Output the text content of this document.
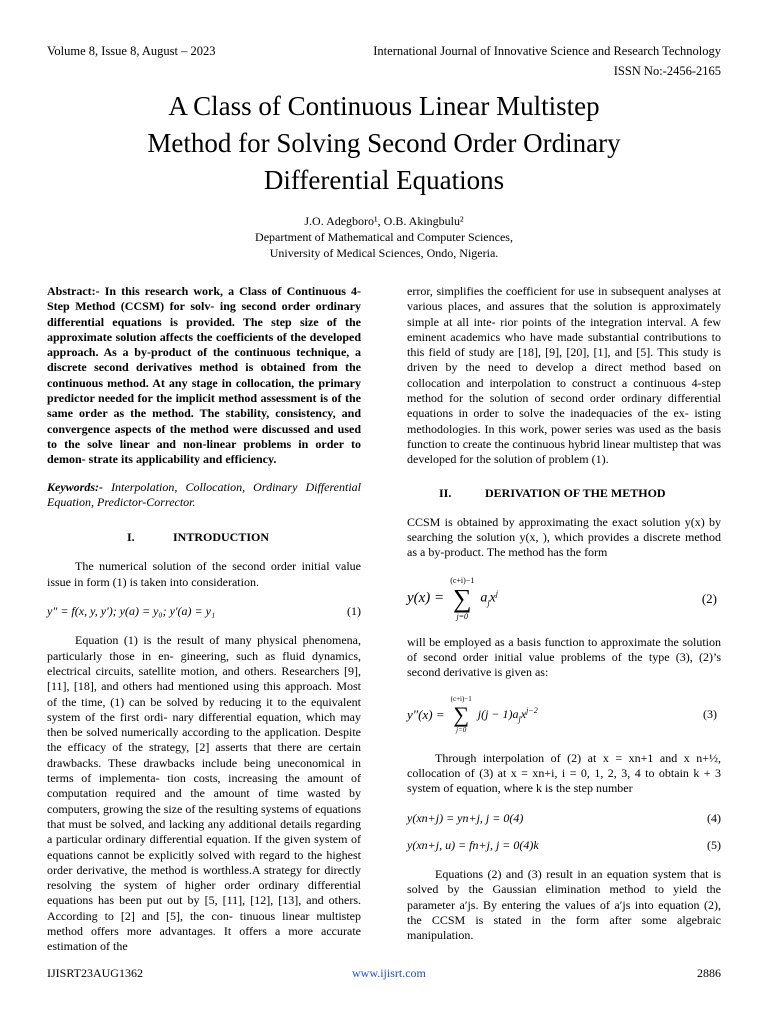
Volume 8, Issue 8, August – 2023	International Journal of Innovative Science and Research Technology
ISSN No:-2456-2165
A Class of Continuous Linear Multistep
Method for Solving Second Order Ordinary
Differential Equations
J.O. Adegboro¹, O.B. Akingbulu²
Department of Mathematical and Computer Sciences,
University of Medical Sciences, Ondo, Nigeria.
Abstract:- In this research work, a Class of Continuous 4-Step Method (CCSM) for solv- ing second order ordinary differential equations is provided. The step size of the approximate solution affects the coefficients of the developed approach. As a by-product of the continuous technique, a discrete second derivatives method is obtained from the continuous method. At any stage in collocation, the primary predictor needed for the implicit method assessment is of the same order as the method. The stability, consistency, and convergence aspects of the method were discussed and used to the solve linear and non-linear problems in order to demon- strate its applicability and efficiency.
Keywords:- Interpolation, Collocation, Ordinary Differential Equation, Predictor-Corrector.
I.	INTRODUCTION
The numerical solution of the second order initial value issue in form (1) is taken into consideration.
y″ = f(x, y, y′); y(a) = y₀; y′(a) = y₁	(1)
Equation (1) is the result of many physical phenomena, particularly those in en- gineering, such as fluid dynamics, electrical circuits, satellite motion, and others. Researchers [9], [11], [18], and others had mentioned using this approach. Most of the time, (1) can be solved by reducing it to the equivalent system of the first ordi- nary differential equation, which may then be solved numerically according to the application. Despite the efficacy of the strategy, [2] asserts that there are certain drawbacks. These drawbacks include being uneconomical in terms of implementa- tion costs, increasing the amount of computation required and the amount of time wasted by computers, growing the size of the resulting systems of equations that must be solved, and lacking any additional details regarding a particular ordinary differential equation. If the given system of equations cannot be explicitly solved with regard to the highest order derivative, the method is worthless.A strategy for directly resolving the system of higher order ordinary differential equations has been put out by [5, [11], [12], [13], and others. According to [2] and [5], the con- tinuous linear multistep method offers more advantages. It offers a more accurate estimation of the
error, simplifies the coefficient for use in subsequent analyses at various places, and assures that the solution is approximately simple at all inte- rior points of the integration interval. A few eminent academics who have made substantial contributions to this field of study are [18], [9], [20], [1], and [5]. This study is driven by the need to develop a direct method based on collocation and interpolation to construct a continuous 4-step method for the solution of second order ordinary differential equations in order to solve the inadequacies of the ex- isting methodologies. In this work, power series was used as the basis function to create the continuous hybrid linear multistep that was developed for the solution of problem (1).
II.	DERIVATION OF THE METHOD
CCSM is obtained by approximating the exact solution y(x) by searching the solution y(x, ), which provides a discrete method as a by-product. The method has the form
y(x) =
(c+i)−1
∑
j=0
$a_jx^j$	(2)
will be employed as a basis function to approximate the solution of second order initial value problems of the type (3), (2)’s second derivative is given as:
y″(x) =
(c+i)−1
∑
j=0
$j(j - 1)a_jx^{j-2}$	(3)
Through interpolation of (2) at x = xn+1 and x n+½, collocation of (3) at x = xn+i, i = 0, 1, 2, 3, 4 to obtain k + 3 system of equation, where k is the step number
y(xn+j) = yn+j, j = 0(4)	(4)
y(xn+j, u) = fn+j, j = 0(4)k	(5)
Equations (2) and (3) result in an equation system that is solved by the Gaussian elimination method to yield the parameter a′js. By entering the values of a′js into equation (2), the CCSM is stated in the form after some algebraic manipulation.
IJISRT23AUG1362	www.ijisrt.com	2886
